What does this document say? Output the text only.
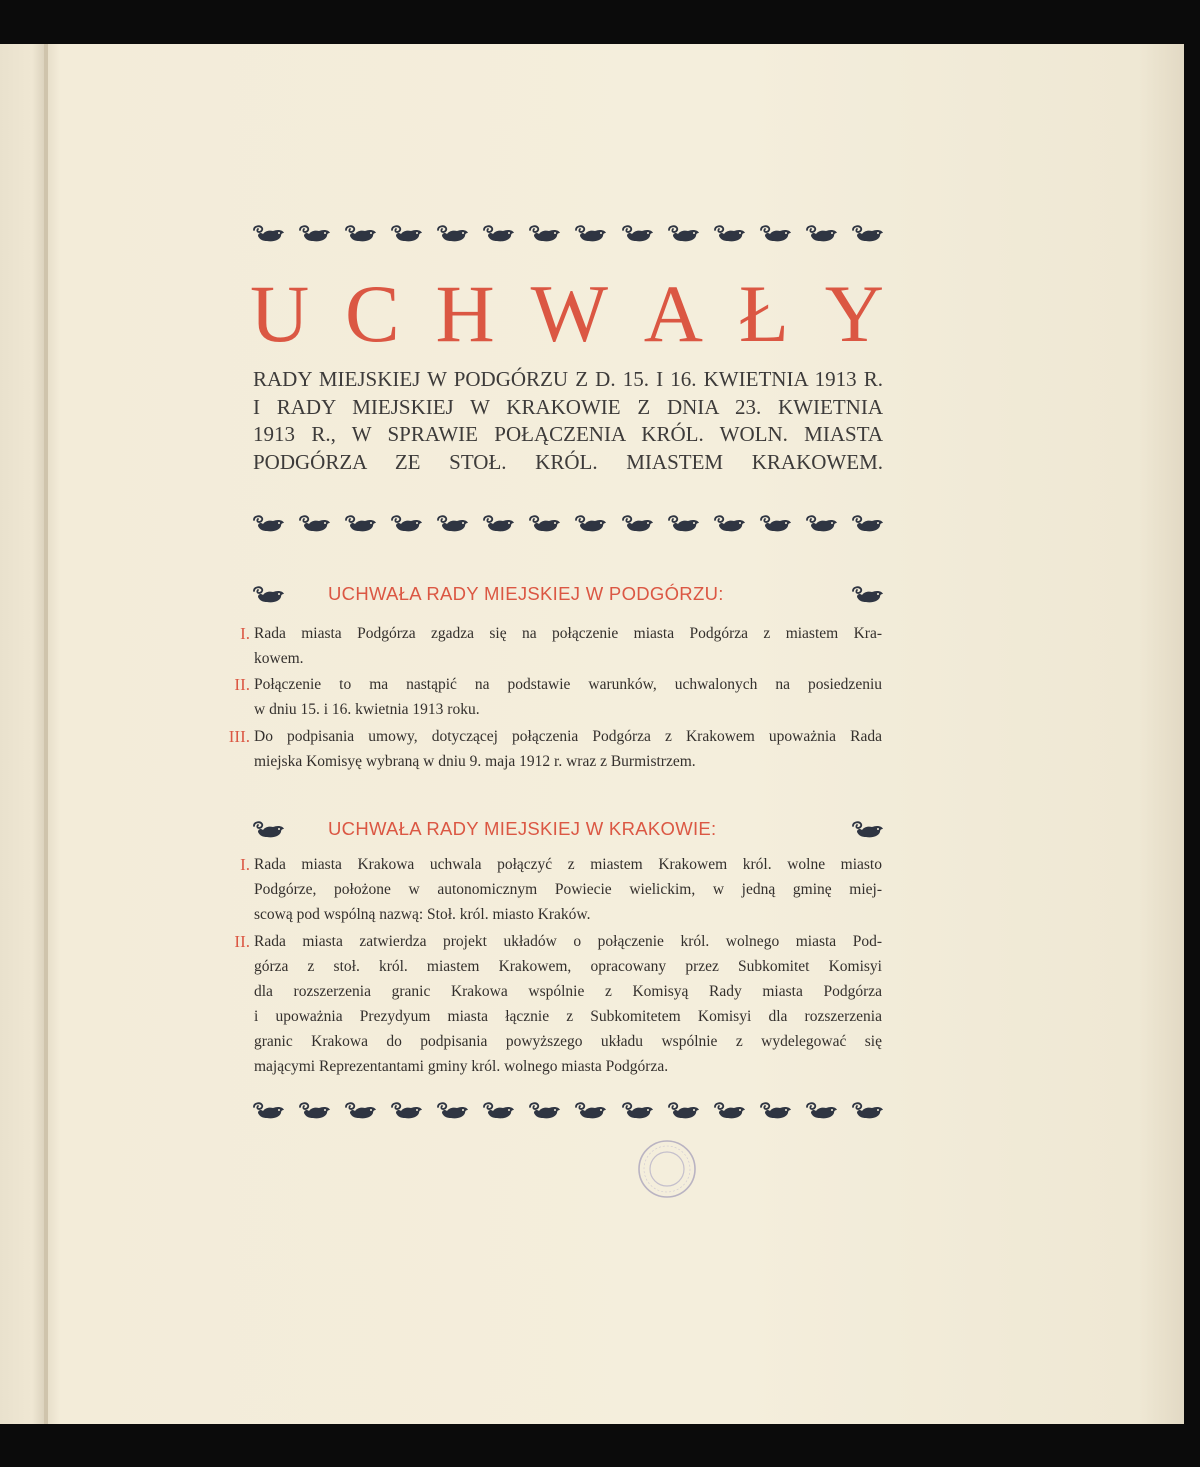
U C H W A Ł Y
RADY MIEJSKIEJ W PODGÓRZU Z D. 15. I 16. KWIETNIA 1913 R.
I RADY MIEJSKIEJ W KRAKOWIE Z DNIA 23. KWIETNIA
1913 R., W SPRAWIE POŁĄCZENIA KRÓL. WOLN. MIASTA
PODGÓRZA ZE STOŁ. KRÓL. MIASTEM KRAKOWEM.
UCHWAŁA RADY MIEJSKIEJ W PODGÓRZU:
I. Rada miasta Podgórza zgadza się na połączenie miasta Podgórza z miastem Kra-
kowem.
II. Połączenie to ma nastąpić na podstawie warunków, uchwalonych na posiedzeniu
w dniu 15. i 16. kwietnia 1913 roku.
III. Do podpisania umowy, dotyczącej połączenia Podgórza z Krakowem upoważnia Rada
miejska Komisyę wybraną w dniu 9. maja 1912 r. wraz z Burmistrzem.
UCHWAŁA RADY MIEJSKIEJ W KRAKOWIE:
I. Rada miasta Krakowa uchwala połączyć z miastem Krakowem król. wolne miasto
Podgórze, położone w autonomicznym Powiecie wielickim, w jedną gminę miej-
scową pod wspólną nazwą: Stoł. król. miasto Kraków.
II. Rada miasta zatwierdza projekt układów o połączenie król. wolnego miasta Pod-
górza z stoł. król. miastem Krakowem, opracowany przez Subkomitet Komisyi
dla rozszerzenia granic Krakowa wspólnie z Komisyą Rady miasta Podgórza
i upoważnia Prezydyum miasta łącznie z Subkomitetem Komisyi dla rozszerzenia
granic Krakowa do podpisania powyższego układu wspólnie z wydelegować się
mającymi Reprezentantami gminy król. wolnego miasta Podgórza.
